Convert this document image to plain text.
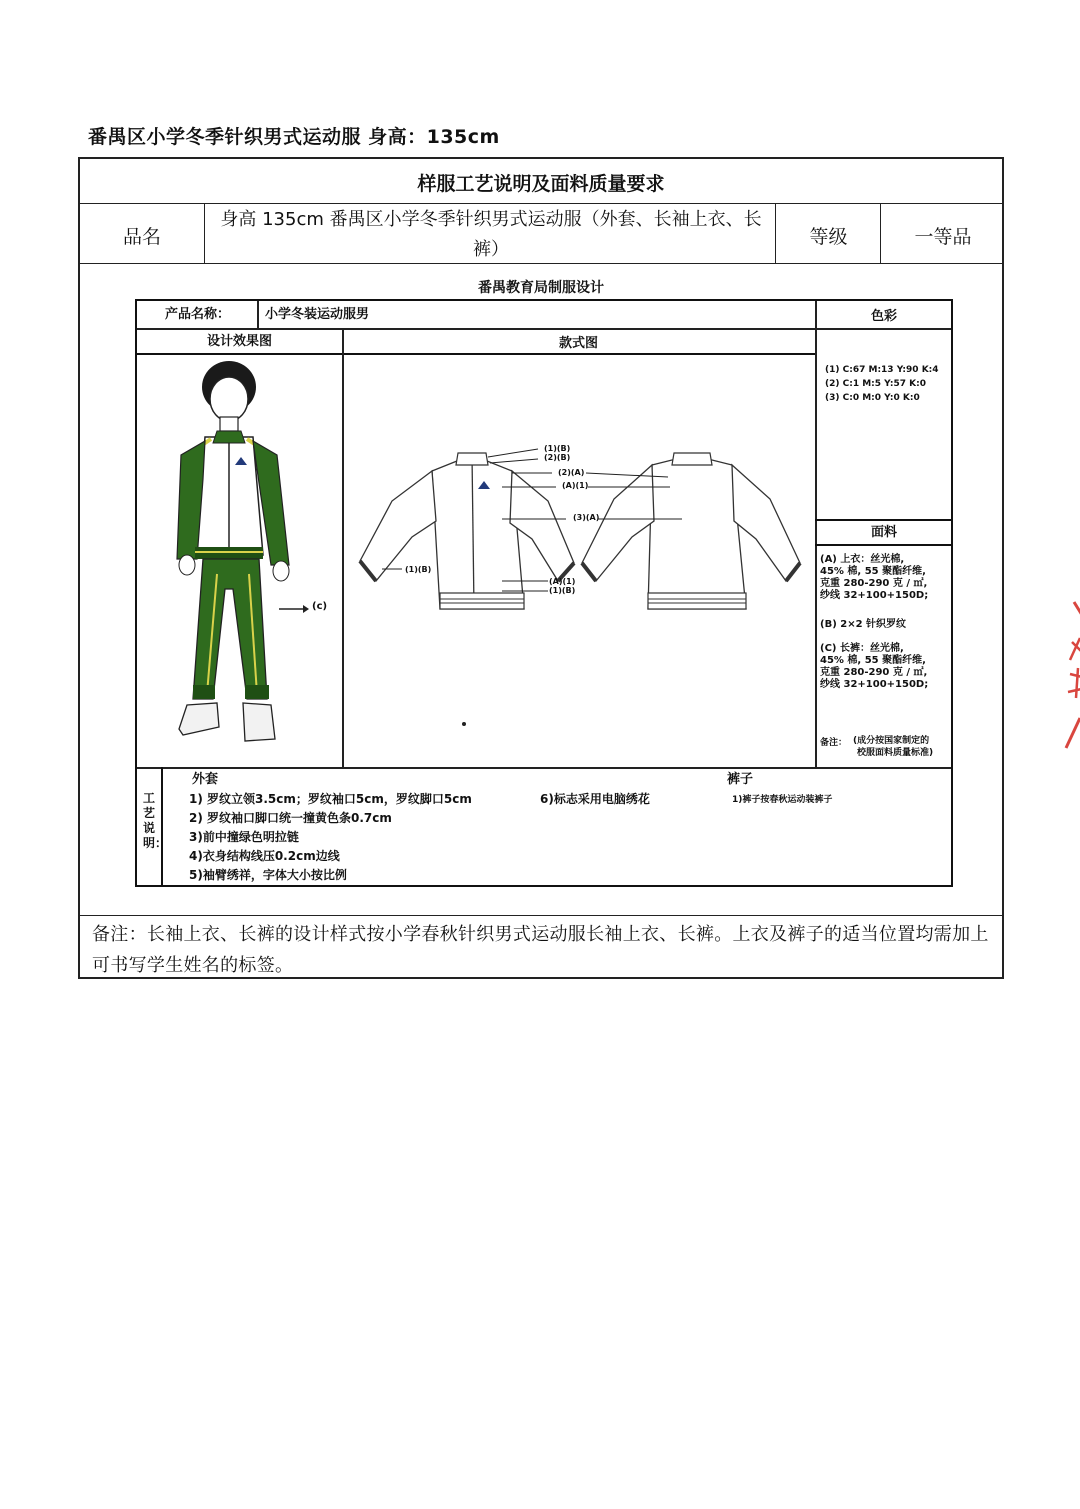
番禺区小学冬季针织男式运动服 身高：135cm
样服工艺说明及面料质量要求
品名
身高 135cm 番禺区小学冬季针织男式运动服（外套、长袖上衣、长裤）
等级	一等品
番禺教育局制服设计
产品名称：	小学冬装运动服男	色彩
设计效果图	款式图
(1) C:67 M:13 Y:90 K:4
(2) C:1 M:5 Y:57 K:0
(3) C:0 M:0 Y:0 K:0
面料
(A) 上衣：丝光棉,
45% 棉, 55 聚酯纤维,
克重 280-290 克 / ㎡,
纱线 32+100+150D;
(B) 2×2 针织罗纹
(C) 长裤：丝光棉,
45% 棉, 55 聚酯纤维,
克重 280-290 克 / ㎡,
纱线 32+100+150D;
备注： (成分按国家制定的
校服面料质量标准)
(c)
(1)(B)
(2)(B)
(2)(A)
(A)(1)
(3)(A)
(1)(B)
(A)(1)
(1)(B)
工艺说明：
外套
1) 罗纹立领3.5cm；罗纹袖口5cm，罗纹脚口5cm
2) 罗纹袖口脚口统一撞黄色条0.7cm
3)前中撞绿色明拉链
4)衣身结构线压0.2cm边线
5)袖臂绣祥，字体大小按比例
6)标志采用电脑绣花
裤子
1)裤子按春秋运动装裤子
备注：长袖上衣、长裤的设计样式按小学春秋针织男式运动服长袖上衣、长裤。上衣及裤子的适当位置均需加上可书写学生姓名的标签。
